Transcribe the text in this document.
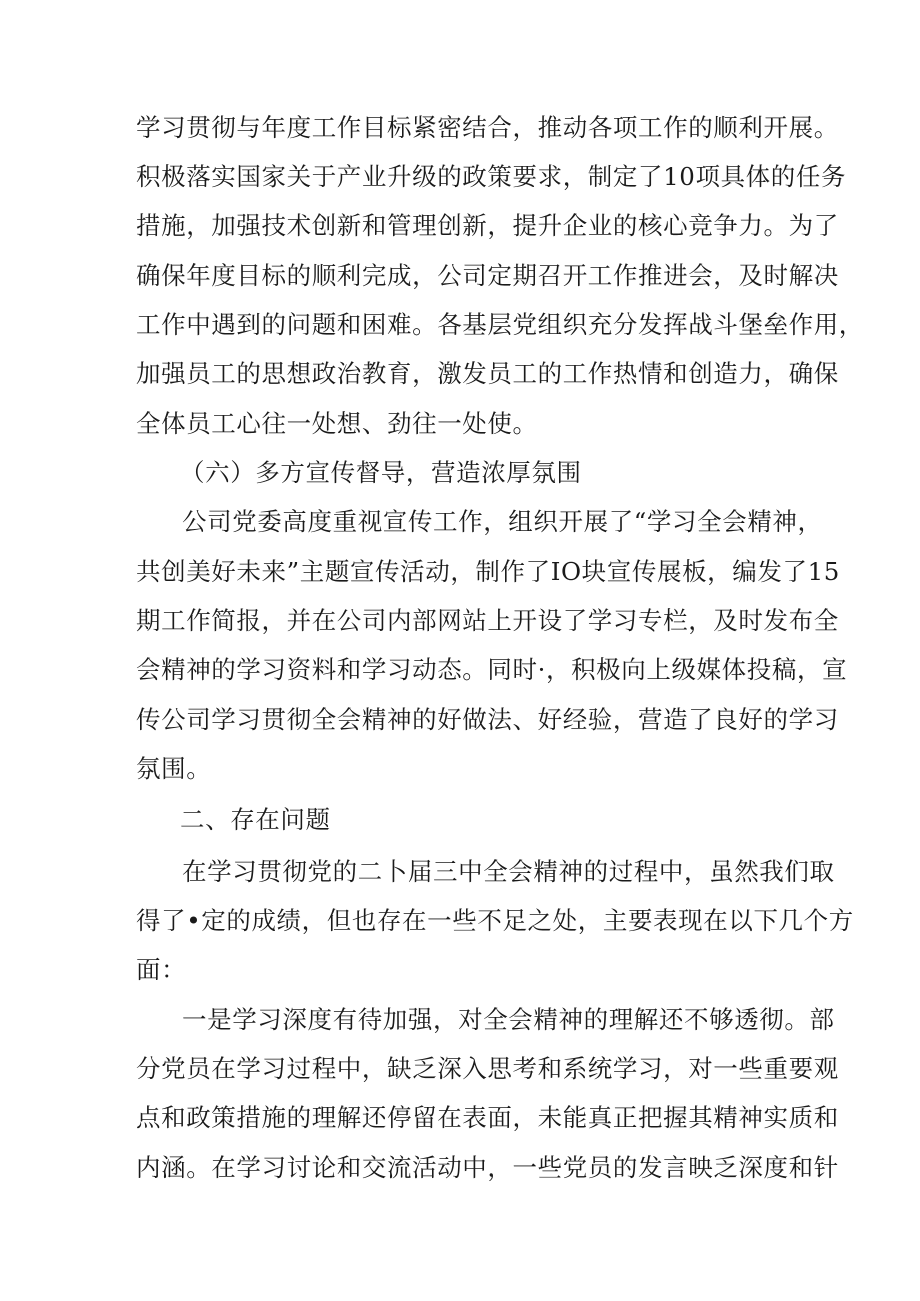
学习贯彻与年度工作目标紧密结合，推动各项工作的顺利开展。
积极落实国家关于产业升级的政策要求，制定了10项具体的任务
措施，加强技术创新和管理创新，提升企业的核心竞争力。为了
确保年度目标的顺利完成，公司定期召开工作推进会，及时解决
工作中遇到的问题和困难。各基层党组织充分发挥战斗堡垒作用，
加强员工的思想政治教育，激发员工的工作热情和创造力，确保
全体员工心往一处想、劲往一处使。
（六）多方宣传督导，营造浓厚氛围
公司党委高度重视宣传工作，组织开展了“学习全会精神，
共创美好未来”主题宣传活动，制作了IO块宣传展板，编发了15
期工作简报，并在公司内部网站上开设了学习专栏，及时发布全
会精神的学习资料和学习动态。同时·，积极向上级媒体投稿，宣
传公司学习贯彻全会精神的好做法、好经验，营造了良好的学习
氛围。
二、存在问题
在学习贯彻党的二卜届三中全会精神的过程中，虽然我们取
得了•定的成绩，但也存在一些不足之处，主要表现在以下几个方
面：
一是学习深度有待加强，对全会精神的理解还不够透彻。部
分党员在学习过程中，缺乏深入思考和系统学习，对一些重要观
点和政策措施的理解还停留在表面，未能真正把握其精神实质和
内涵。在学习讨论和交流活动中，一些党员的发言映乏深度和针
